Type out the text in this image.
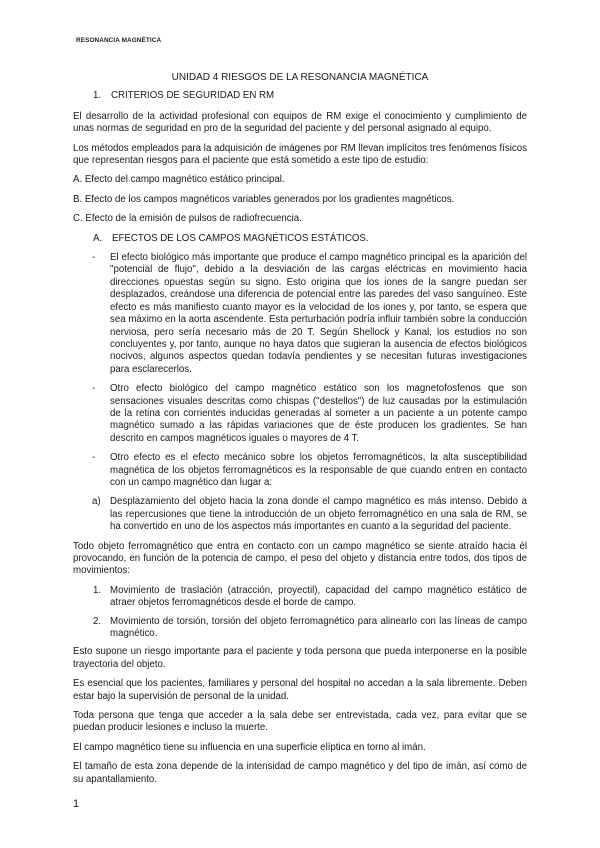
RESONANCIA MAGNÉTICA
UNIDAD 4 RIESGOS DE LA RESONANCIA MAGNÉTICA
1. CRITERIOS DE SEGURIDAD EN RM

El desarrollo de la actividad profesional con equipos de RM exige el conocimiento y cumplimiento de unas normas de seguridad en pro de la seguridad del paciente y del personal asignado al equipo.

Los métodos empleados para la adquisición de imágenes por RM llevan implícitos tres fenómenos físicos que representan riesgos para el paciente que está sometido a este tipo de estudio:

A. Efecto del campo magnético estático principal.

B. Efecto de los campos magnéticos variables generados por los gradientes magnéticos.

C. Efecto de la emisión de pulsos de radiofrecuencia.

A. EFECTOS DE LOS CAMPOS MAGNÉTICOS ESTÁTICOS.
- El efecto biológico más importante que produce el campo magnético principal es la aparición del "potencial de flujo", debido a la desviación de las cargas eléctricas en movimiento hacia direcciones opuestas según su signo. Esto origina que los iones de la sangre puedan ser desplazados, creándose una diferencia de potencial entre las paredes del vaso sanguíneo. Este efecto es más manifiesto cuanto mayor es la velocidad de los iones y, por tanto, se espera que sea máximo en la aorta ascendente. Esta perturbación podría influir también sobre la conducción nerviosa, pero sería necesario más de 20 T. Según Shellock y Kanal, los estudios no son concluyentes y, por tanto, aunque no haya datos que sugieran la ausencia de efectos biológicos nocivos, algunos aspectos quedan todavía pendientes y se necesitan futuras investigaciones para esclarecerlos.
- Otro efecto biológico del campo magnético estático son los magnetofosfenos que son sensaciones visuales descritas como chispas ("destellos") de luz causadas por la estimulación de la retina con corrientes inducidas generadas al someter a un paciente a un potente campo magnético sumado a las rápidas variaciones que de éste producen los gradientes. Se han descrito en campos magnéticos iguales o mayores de 4 T.
- Otro efecto es el efecto mecánico sobre los objetos ferromagnéticos, la alta susceptibilidad magnética de los objetos ferromagnéticos es la responsable de que cuando entren en contacto con un campo magnético dan lugar a:
a) Desplazamiento del objeto hacia la zona donde el campo magnético es más intenso. Debido a las repercusiones que tiene la introducción de un objeto ferromagnético en una sala de RM, se ha convertido en uno de los aspectos más importantes en cuanto a la seguridad del paciente.

Todo objeto ferromagnético que entra en contacto con un campo magnético se siente atraído hacia él provocando, en función de la potencia de campo, el peso del objeto y distancia entre todos, dos tipos de movimientos:

1. Movimiento de traslación (atracción, proyectil), capacidad del campo magnético estático de atraer objetos ferromagnéticos desde el borde de campo.
2. Movimiento de torsión, torsión del objeto ferromagnético para alinearlo con las líneas de campo magnético.

Esto supone un riesgo importante para el paciente y toda persona que pueda interponerse en la posible trayectoria del objeto.

Es esencial que los pacientes, familiares y personal del hospital no accedan a la sala libremente. Deben estar bajo la supervisión de personal de la unidad.

Toda persona que tenga que acceder a la sala debe ser entrevistada, cada vez, para evitar que se puedan producir lesiones e incluso la muerte.

El campo magnético tiene su influencia en una superficie elíptica en torno al imán.

El tamaño de esta zona depende de la intensidad de campo magnético y del tipo de imán, así como de su apantallamiento.

1
